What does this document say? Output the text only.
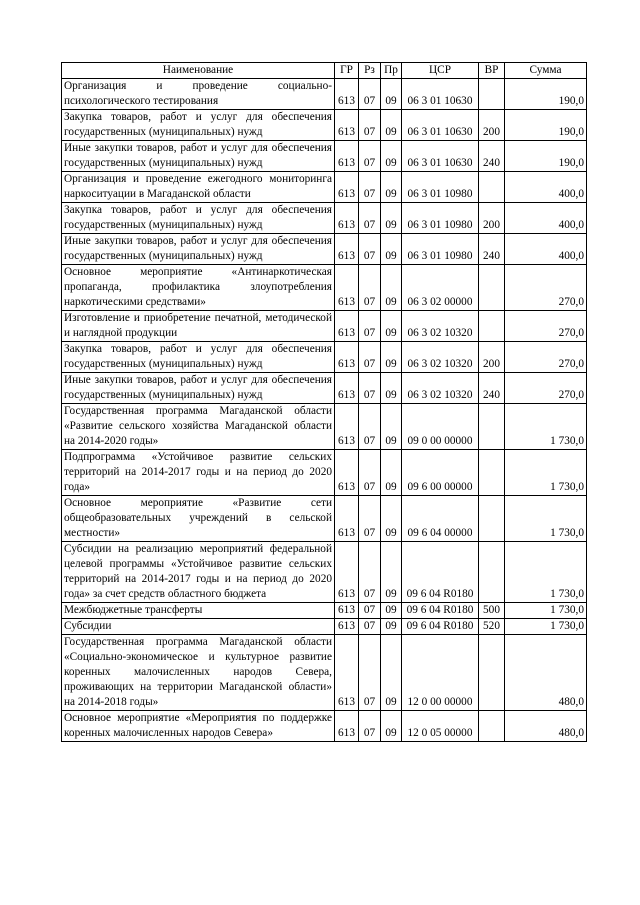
Наименование	ГР	Рз	Пр	ЦСР	ВР	Сумма
Организация и проведение социально-психологического тестирования	613	07	09	06 3 01 10630		190,0
Закупка товаров, работ и услуг для обеспечения государственных (муниципальных) нужд	613	07	09	06 3 01 10630	200	190,0
Иные закупки товаров, работ и услуг для обеспечения государственных (муниципальных) нужд	613	07	09	06 3 01 10630	240	190,0
Организация и проведение ежегодного мониторинга наркоситуации в Магаданской области	613	07	09	06 3 01 10980		400,0
Закупка товаров, работ и услуг для обеспечения государственных (муниципальных) нужд	613	07	09	06 3 01 10980	200	400,0
Иные закупки товаров, работ и услуг для обеспечения государственных (муниципальных) нужд	613	07	09	06 3 01 10980	240	400,0
Основное мероприятие «Антинаркотическая пропаганда, профилактика злоупотребления наркотическими средствами»	613	07	09	06 3 02 00000		270,0
Изготовление и приобретение печатной, методической и наглядной продукции	613	07	09	06 3 02 10320		270,0
Закупка товаров, работ и услуг для обеспечения государственных (муниципальных) нужд	613	07	09	06 3 02 10320	200	270,0
Иные закупки товаров, работ и услуг для обеспечения государственных (муниципальных) нужд	613	07	09	06 3 02 10320	240	270,0
Государственная программа Магаданской области «Развитие сельского хозяйства Магаданской области на 2014-2020 годы»	613	07	09	09 0 00 00000		1 730,0
Подпрограмма «Устойчивое развитие сельских территорий на 2014-2017 годы и на период до 2020 года»	613	07	09	09 6 00 00000		1 730,0
Основное мероприятие «Развитие сети общеобразовательных учреждений в сельской местности»	613	07	09	09 6 04 00000		1 730,0
Субсидии на реализацию мероприятий федеральной целевой программы «Устойчивое развитие сельских территорий на 2014-2017 годы и на период до 2020 года» за счет средств областного бюджета	613	07	09	09 6 04 R0180		1 730,0
Межбюджетные трансферты	613	07	09	09 6 04 R0180	500	1 730,0
Субсидии	613	07	09	09 6 04 R0180	520	1 730,0
Государственная программа Магаданской области «Социально-экономическое и культурное развитие коренных малочисленных народов Севера, проживающих на территории Магаданской области» на 2014-2018 годы»	613	07	09	12 0 00 00000		480,0
Основное мероприятие «Мероприятия по поддержке коренных малочисленных народов Севера»	613	07	09	12 0 05 00000		480,0
